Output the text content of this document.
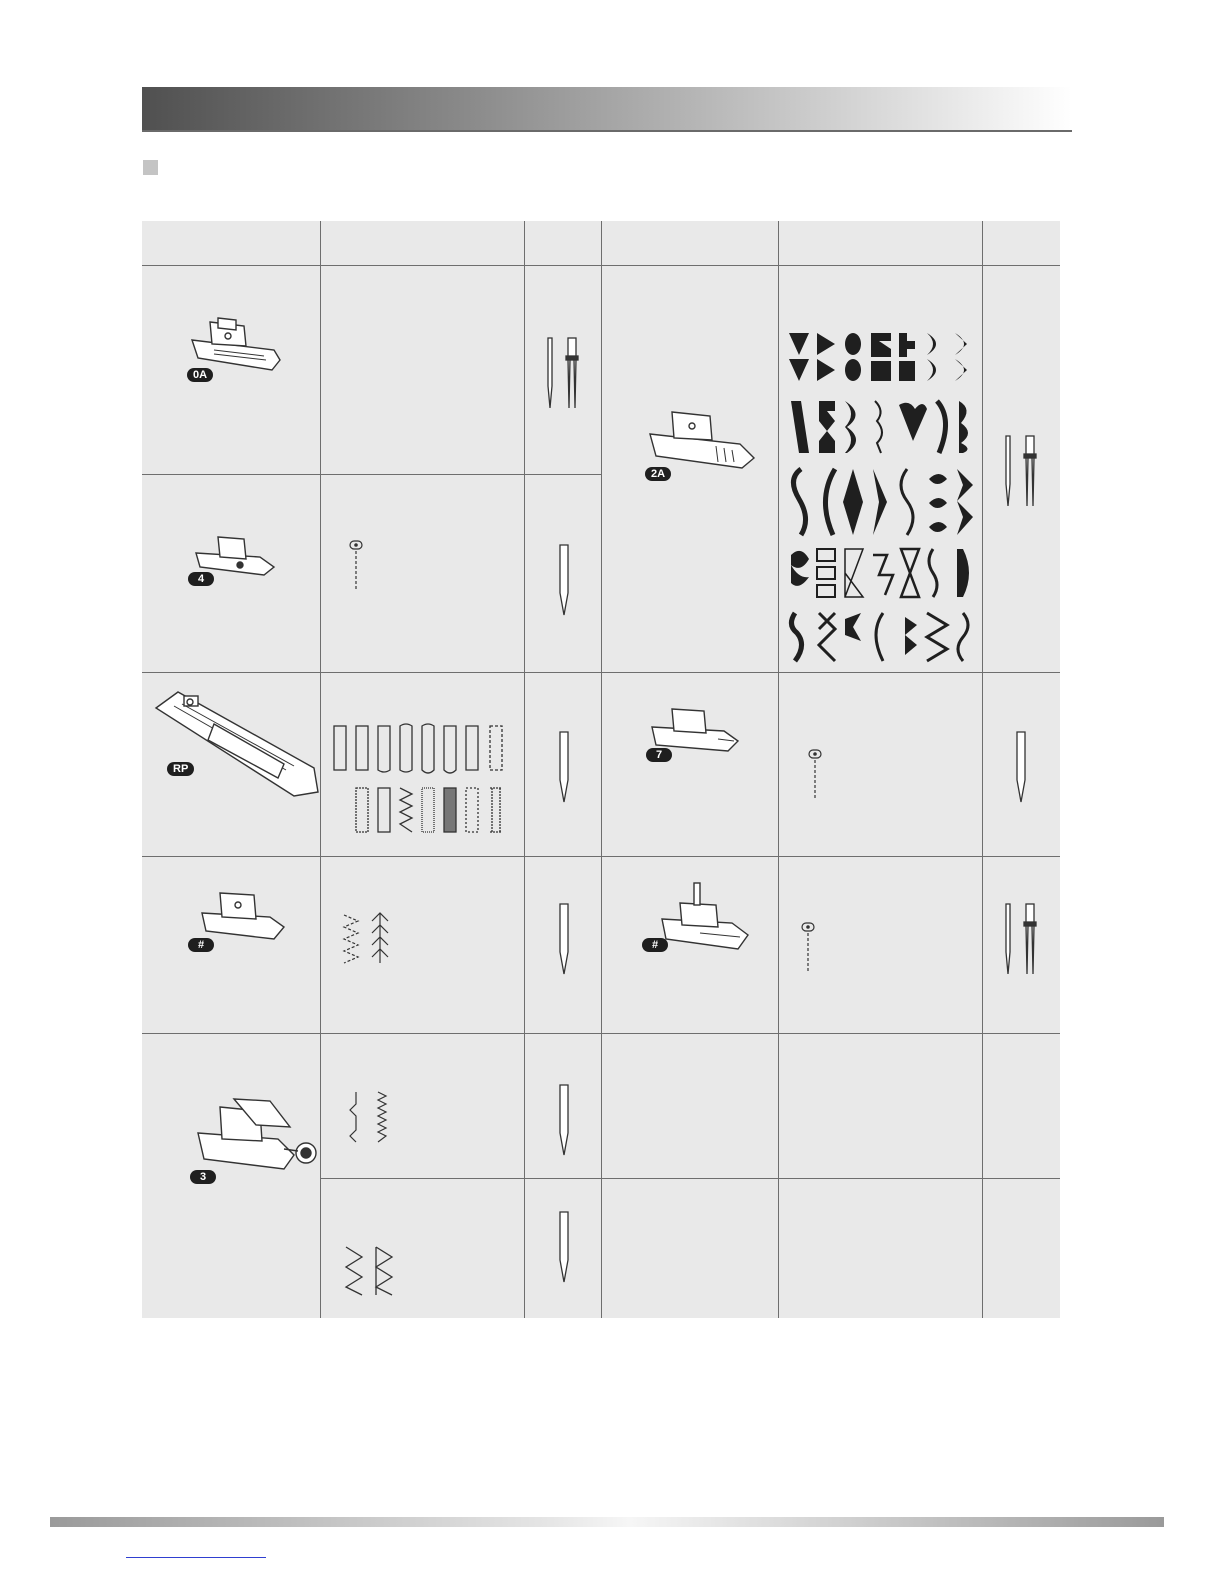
0A
4
2A
RP
7
#	#
3
